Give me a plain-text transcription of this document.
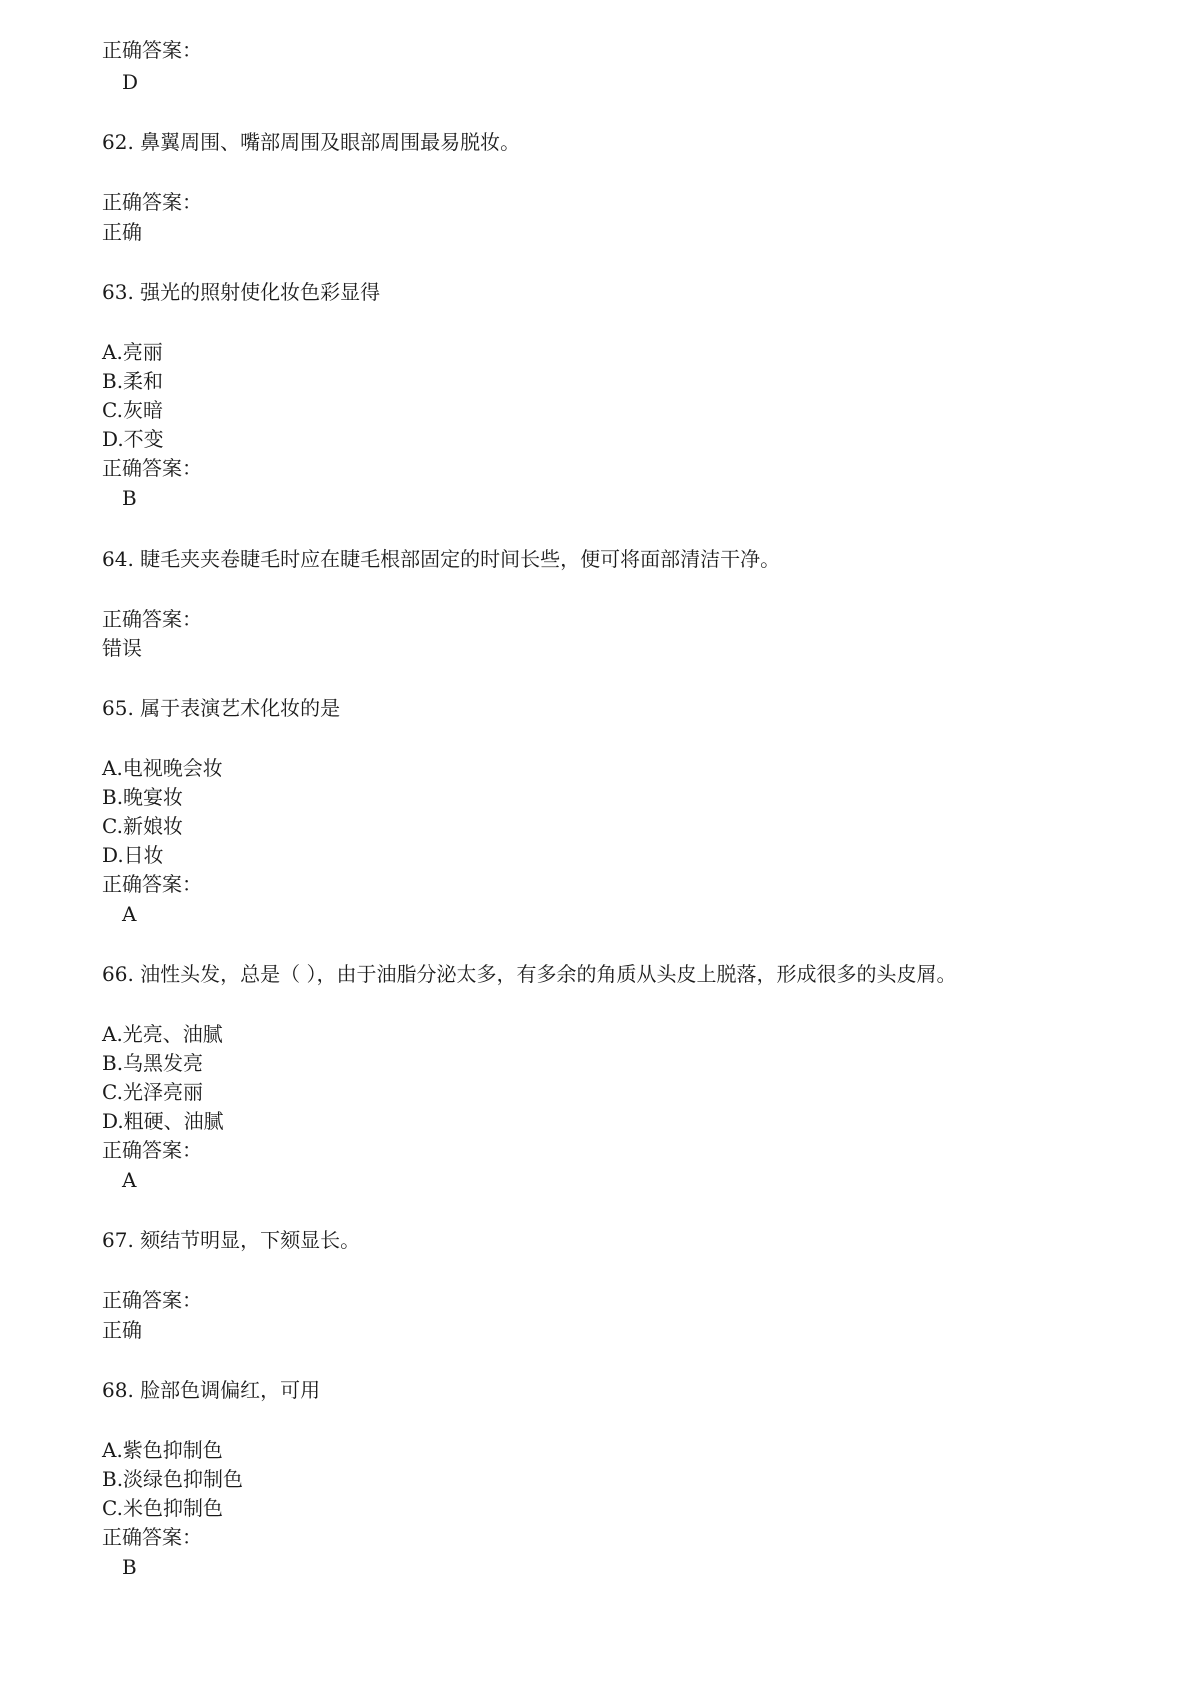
正确答案：
D
62. 鼻翼周围、嘴部周围及眼部周围最易脱妆。
正确答案：
正确
63. 强光的照射使化妆色彩显得
A.亮丽
B.柔和
C.灰暗
D.不变
正确答案：
B
64. 睫毛夹夹卷睫毛时应在睫毛根部固定的时间长些，便可将面部清洁干净。
正确答案：
错误
65. 属于表演艺术化妆的是
A.电视晚会妆
B.晚宴妆
C.新娘妆
D.日妆
正确答案：
A
66. 油性头发，总是（ ），由于油脂分泌太多，有多余的角质从头皮上脱落，形成很多的头皮屑。
A.光亮、油腻
B.乌黑发亮
C.光泽亮丽
D.粗硬、油腻
正确答案：
A
67. 颏结节明显，下颏显长。
正确答案：
正确
68. 脸部色调偏红，可用
A.紫色抑制色
B.淡绿色抑制色
C.米色抑制色
正确答案：
B
